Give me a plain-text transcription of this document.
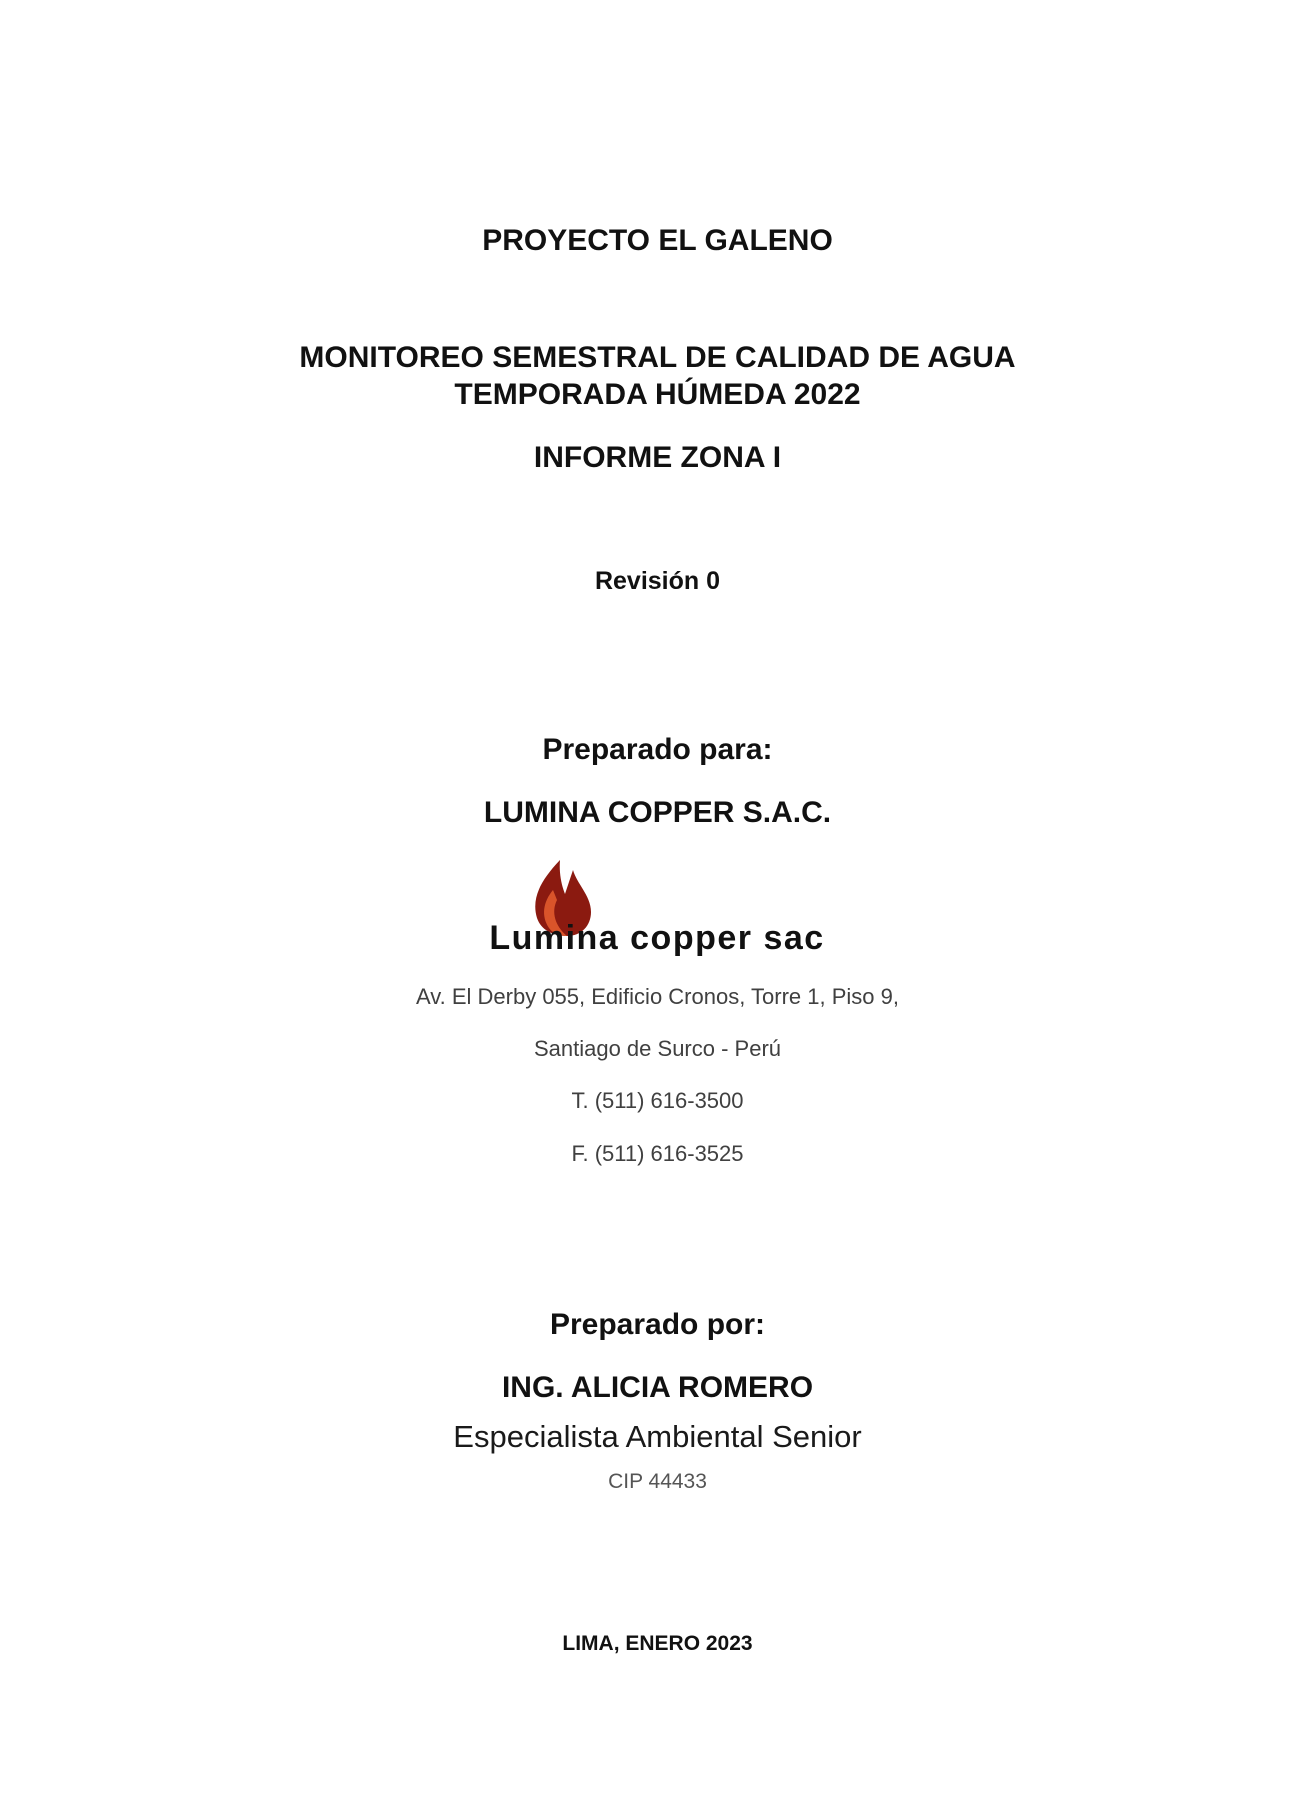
PROYECTO EL GALENO

MONITOREO SEMESTRAL DE CALIDAD DE AGUA

TEMPORADA HÚMEDA 2022

INFORME ZONA I

Revisión 0

Preparado para:

LUMINA COPPER S.A.C.

Lumina copper sac

Av. El Derby 055, Edificio Cronos, Torre 1, Piso 9,

Santiago de Surco - Perú

T. (511) 616-3500

F. (511) 616-3525

Preparado por:

ING. ALICIA ROMERO

Especialista Ambiental Senior

CIP 44433

LIMA, ENERO 2023
